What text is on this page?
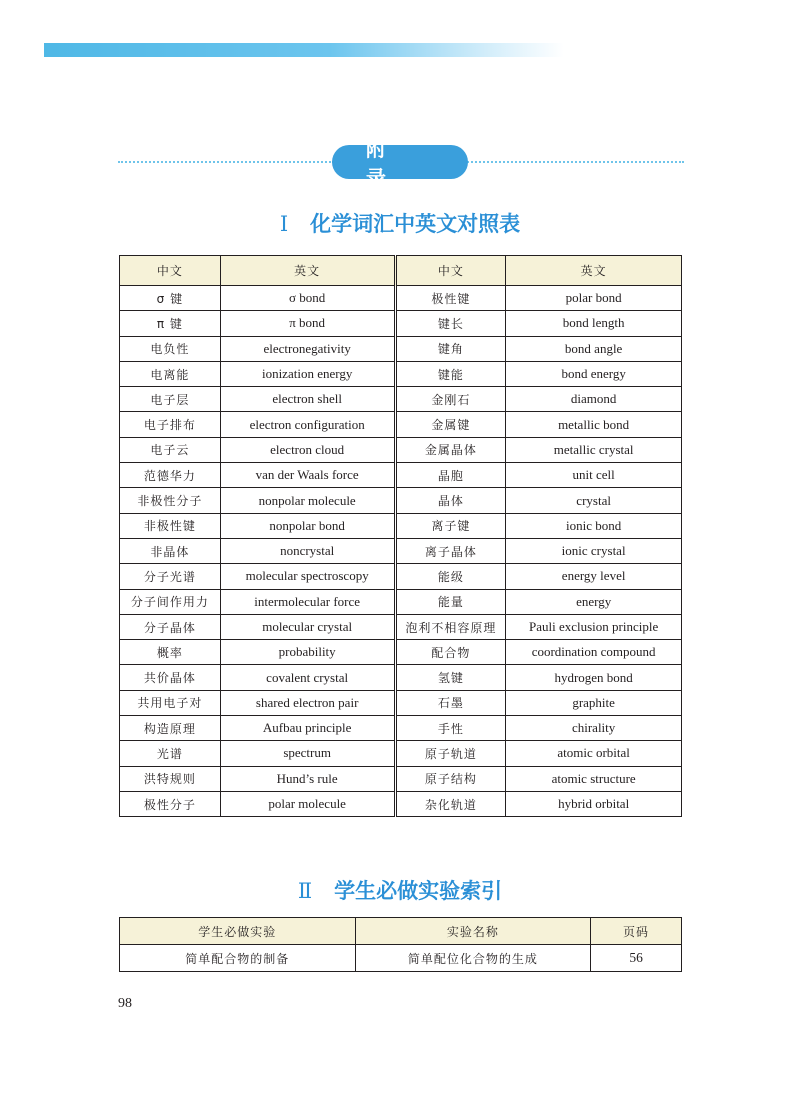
附录
Ⅰ 化学词汇中英文对照表
中文	英文	中文	英文
σ 键	σ bond	极性键	polar bond
π 键	π bond	键长	bond length
电负性	electronegativity	键角	bond angle
电离能	ionization energy	键能	bond energy
电子层	electron shell	金刚石	diamond
电子排布	electron configuration	金属键	metallic bond
电子云	electron cloud	金属晶体	metallic crystal
范德华力	van der Waals force	晶胞	unit cell
非极性分子	nonpolar molecule	晶体	crystal
非极性键	nonpolar bond	离子键	ionic bond
非晶体	noncrystal	离子晶体	ionic crystal
分子光谱	molecular spectroscopy	能级	energy level
分子间作用力	intermolecular force	能量	energy
分子晶体	molecular crystal	泡利不相容原理	Pauli exclusion principle
概率	probability	配合物	coordination compound
共价晶体	covalent crystal	氢键	hydrogen bond
共用电子对	shared electron pair	石墨	graphite
构造原理	Aufbau principle	手性	chirality
光谱	spectrum	原子轨道	atomic orbital
洪特规则	Hund’s rule	原子结构	atomic structure
极性分子	polar molecule	杂化轨道	hybrid orbital
Ⅱ 学生必做实验索引
学生必做实验	实验名称	页码
简单配合物的制备	简单配位化合物的生成	56
98
